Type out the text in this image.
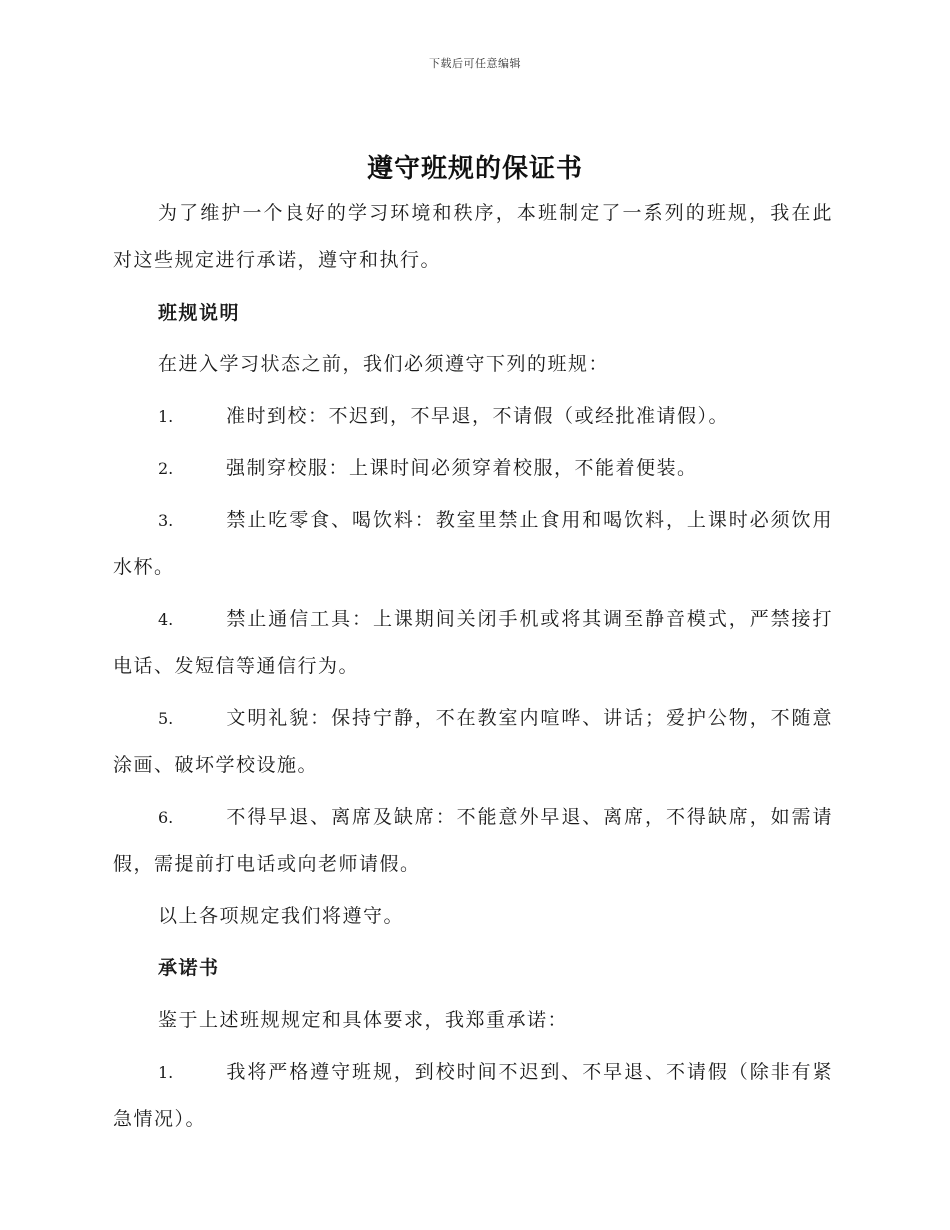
下载后可任意编辑
遵守班规的保证书

为了维护一个良好的学习环境和秩序，本班制定了一系列的班规，我在此对这些规定进行承诺，遵守和执行。

班规说明

在进入学习状态之前，我们必须遵守下列的班规：

1.	准时到校：不迟到，不早退，不请假（或经批准请假）。

2.	强制穿校服：上课时间必须穿着校服，不能着便装。

3.	禁止吃零食、喝饮料：教室里禁止食用和喝饮料，上课时必须饮用水杯。

4.	禁止通信工具：上课期间关闭手机或将其调至静音模式，严禁接打电话、发短信等通信行为。

5.	文明礼貌：保持宁静，不在教室内喧哗、讲话；爱护公物，不随意涂画、破坏学校设施。

6.	不得早退、离席及缺席：不能意外早退、离席，不得缺席，如需请假，需提前打电话或向老师请假。

以上各项规定我们将遵守。

承诺书

鉴于上述班规规定和具体要求，我郑重承诺：

1.	我将严格遵守班规，到校时间不迟到、不早退、不请假（除非有紧急情况）。
